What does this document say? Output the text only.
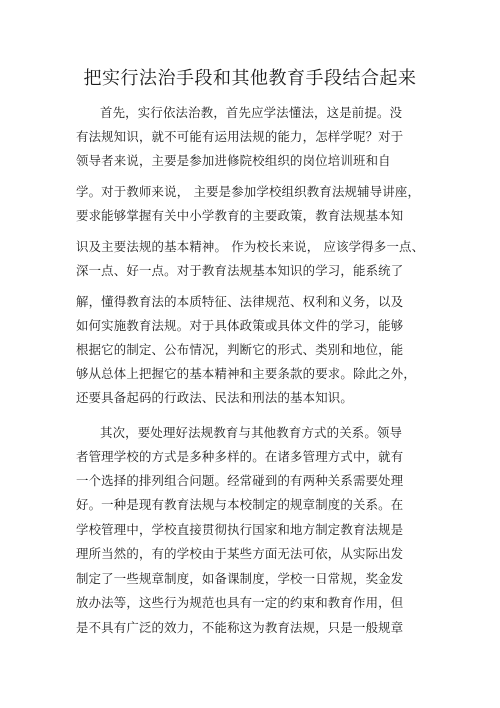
把实行法治手段和其他教育手段结合起来
首先，实行依法治教，首先应学法懂法，这是前提。没
有法规知识，就不可能有运用法规的能力，怎样学呢？对于
领导者来说，主要是参加进修院校组织的岗位培训班和自
学。对于教师来说， 主要是参加学校组织教育法规辅导讲座，
要求能够掌握有关中小学教育的主要政策，教育法规基本知
识及主要法规的基本精神。 作为校长来说， 应该学得多一点、
深一点、好一点。对于教育法规基本知识的学习，能系统了
解，懂得教育法的本质特征、法律规范、权利和义务，以及
如何实施教育法规。对于具体政策或具体文件的学习，能够
根据它的制定、公布情况，判断它的形式、类别和地位，能
够从总体上把握它的基本精神和主要条款的要求。除此之外，
还要具备起码的行政法、民法和刑法的基本知识。
其次，要处理好法规教育与其他教育方式的关系。领导
者管理学校的方式是多种多样的。在诸多管理方式中，就有
一个选择的排列组合问题。经常碰到的有两种关系需要处理
好。一种是现有教育法规与本校制定的规章制度的关系。在
学校管理中，学校直接贯彻执行国家和地方制定教育法规是
理所当然的，有的学校由于某些方面无法可依，从实际出发
制定了一些规章制度，如备课制度，学校一日常规，奖金发
放办法等，这些行为规范也具有一定的约束和教育作用，但
是不具有广泛的效力，不能称这为教育法规，只是一般规章
